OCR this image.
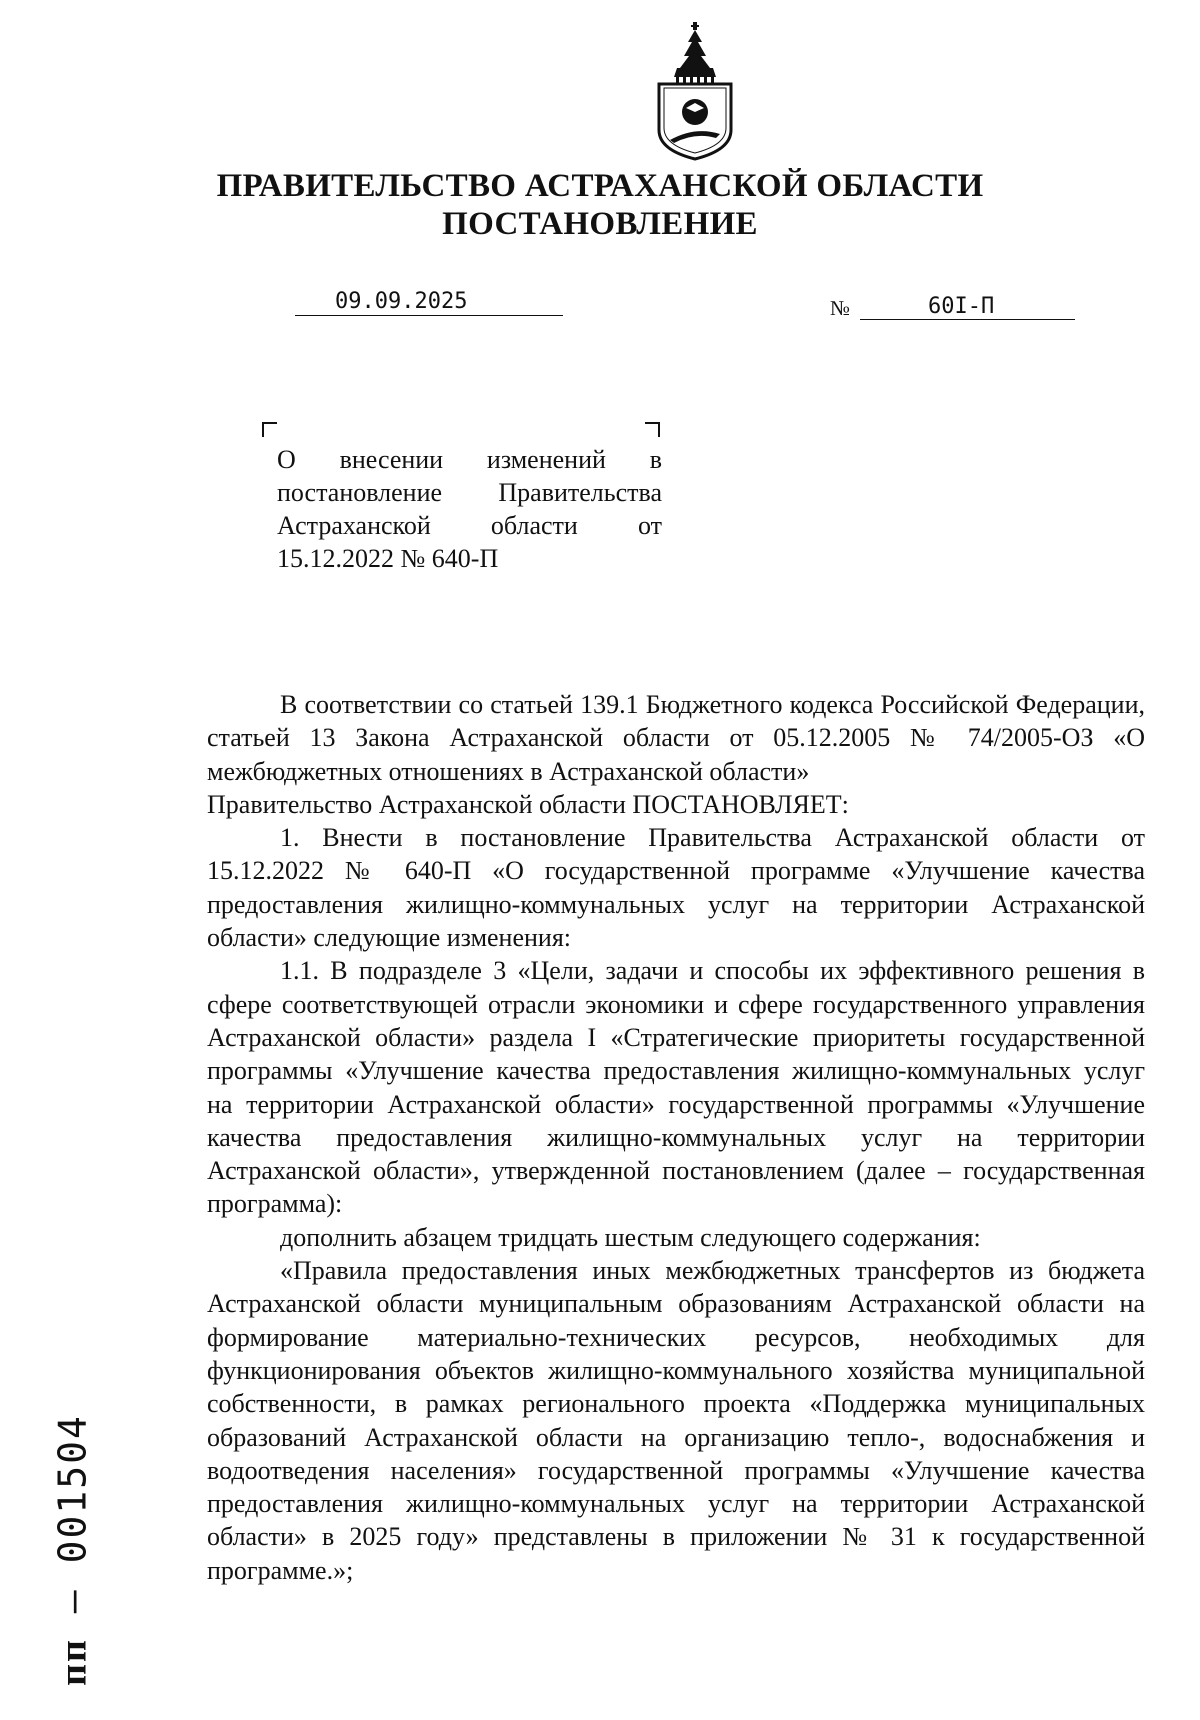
ПРАВИТЕЛЬСТВО АСТРАХАНСКОЙ ОБЛАСТИ
ПОСТАНОВЛЕНИЕ
09.09.2025	№	60I-П
О внесении изменений в постановление Правительства Астраханской области от 15.12.2022 № 640-П

В соответствии со статьей 139.1 Бюджетного кодекса Российской Федерации, статьей 13 Закона Астраханской области от 05.12.2005 № 74/2005-ОЗ «О межбюджетных отношениях в Астраханской области»

Правительство Астраханской области ПОСТАНОВЛЯЕТ:

1. Внести в постановление Правительства Астраханской области от 15.12.2022 № 640-П «О государственной программе «Улучшение качества предоставления жилищно-коммунальных услуг на территории Астраханской области» следующие изменения:

1.1. В подразделе 3 «Цели, задачи и способы их эффективного решения в сфере соответствующей отрасли экономики и сфере государственного управления Астраханской области» раздела I «Стратегические приоритеты государственной программы «Улучшение качества предоставления жилищно-коммунальных услуг на территории Астраханской области» государственной программы «Улучшение качества предоставления жилищно-коммунальных услуг на территории Астраханской области», утвержденной постановлением (далее – государственная программа):

дополнить абзацем тридцать шестым следующего содержания:

«Правила предоставления иных межбюджетных трансфертов из бюджета Астраханской области муниципальным образованиям Астраханской области на формирование материально-технических ресурсов, необходимых для функционирования объектов жилищно-коммунального хозяйства муниципальной собственности, в рамках регионального проекта «Поддержка муниципальных образований Астраханской области на организацию тепло-, водоснабжения и водоотведения населения» государственной программы «Улучшение качества предоставления жилищно-коммунальных услуг на территории Астраханской области» в 2025 году» представлены в приложении № 31 к государственной программе.»;

пп – 001504
